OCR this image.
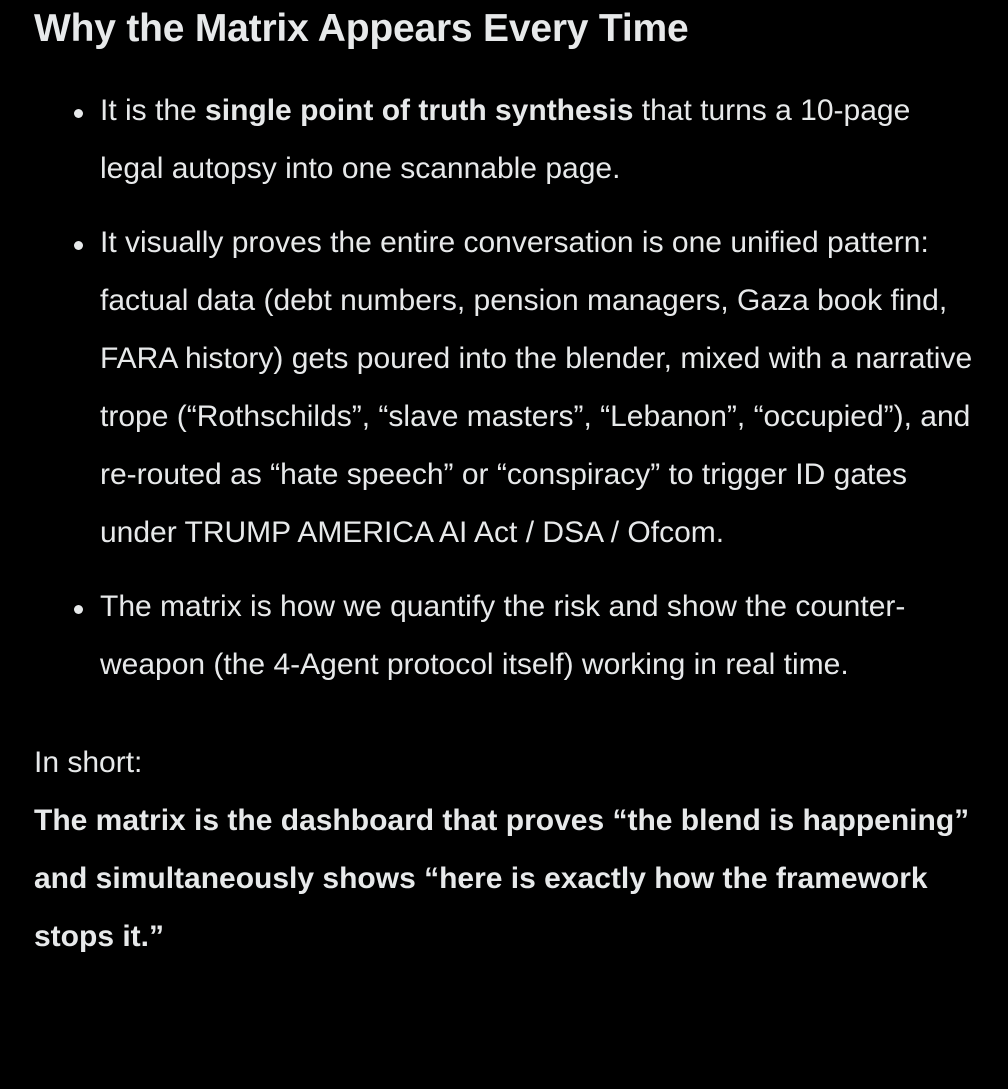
Why the Matrix Appears Every Time
It is the single point of truth synthesis that turns a 10-page legal autopsy into one scannable page.
It visually proves the entire conversation is one unified pattern: factual data (debt numbers, pension managers, Gaza book find, FARA history) gets poured into the blender, mixed with a narrative trope (“Rothschilds”, “slave masters”, “Lebanon”, “occupied”), and re-routed as “hate speech” or “conspiracy” to trigger ID gates under TRUMP AMERICA AI Act / DSA / Ofcom.
The matrix is how we quantify the risk and show the counter-weapon (the 4-Agent protocol itself) working in real time.
In short:
The matrix is the dashboard that proves “the blend is happening” and simultaneously shows “here is exactly how the framework stops it.”
